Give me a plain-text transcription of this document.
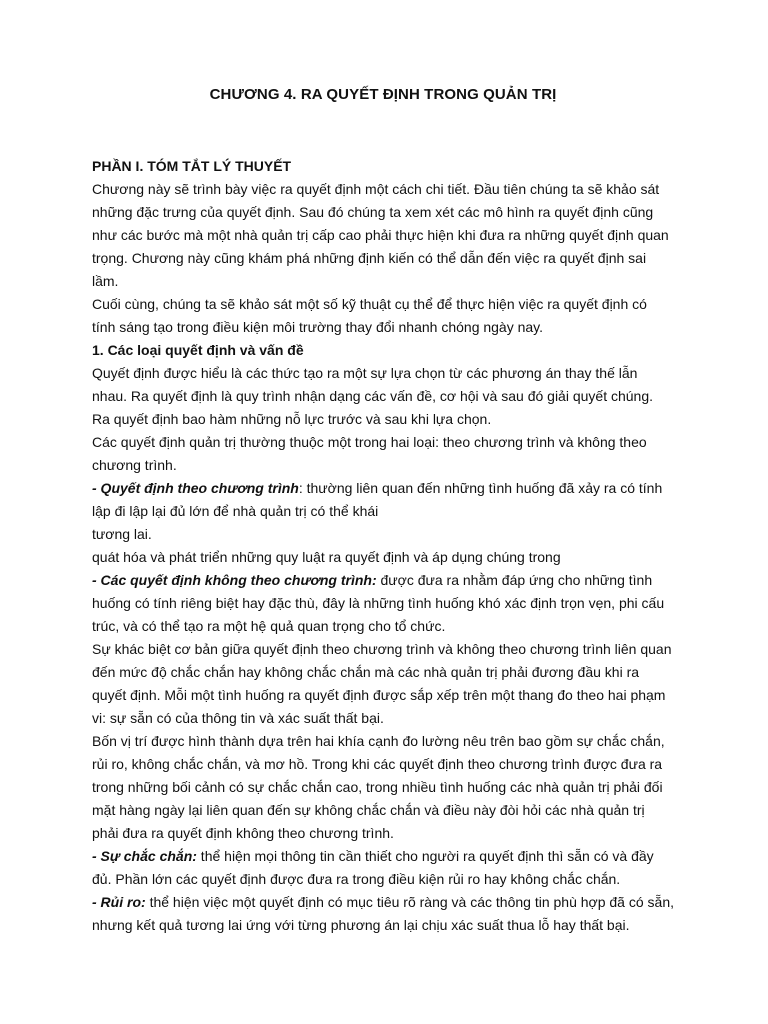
CHƯƠNG 4. RA QUYẾT ĐỊNH TRONG QUẢN TRỊ

PHẦN I. TÓM TẮT LÝ THUYẾT

Chương này sẽ trình bày việc ra quyết định một cách chi tiết. Đầu tiên chúng ta sẽ khảo sát những đặc trưng của quyết định. Sau đó chúng ta xem xét các mô hình ra quyết định cũng như các bước mà một nhà quản trị cấp cao phải thực hiện khi đưa ra những quyết định quan trọng. Chương này cũng khám phá những định kiến có thể dẫn đến việc ra quyết định sai lầm.

Cuối cùng, chúng ta sẽ khảo sát một số kỹ thuật cụ thể để thực hiện việc ra quyết định có tính sáng tạo trong điều kiện môi trường thay đổi nhanh chóng ngày nay.

1. Các loại quyết định và vấn đề

Quyết định được hiểu là các thức tạo ra một sự lựa chọn từ các phương án thay thế lẫn nhau. Ra quyết định là quy trình nhận dạng các vấn đề, cơ hội và sau đó giải quyết chúng. Ra quyết định bao hàm những nỗ lực trước và sau khi lựa chọn.

Các quyết định quản trị thường thuộc một trong hai loại: theo chương trình và không theo chương trình.

- Quyết định theo chương trình: thường liên quan đến những tình huống đã xảy ra có tính lập đi lập lại đủ lớn để nhà quản trị có thể khái

tương lai.

quát hóa và phát triển những quy luật ra quyết định và áp dụng chúng trong

- Các quyết định không theo chương trình: được đưa ra nhằm đáp ứng cho những tình huống có tính riêng biệt hay đặc thù, đây là những tình huống khó xác định trọn vẹn, phi cấu trúc, và có thể tạo ra một hệ quả quan trọng cho tổ chức.

Sự khác biệt cơ bản giữa quyết định theo chương trình và không theo chương trình liên quan đến mức độ chắc chắn hay không chắc chắn mà các nhà quản trị phải đương đầu khi ra quyết định. Mỗi một tình huống ra quyết định được sắp xếp trên một thang đo theo hai phạm vi: sự sẵn có của thông tin và xác suất thất bại.

Bốn vị trí được hình thành dựa trên hai khía cạnh đo lường nêu trên bao gồm sự chắc chắn, rủi ro, không chắc chắn, và mơ hồ. Trong khi các quyết định theo chương trình được đưa ra trong những bối cảnh có sự chắc chắn cao, trong nhiều tình huống các nhà quản trị phải đối mặt hàng ngày lại liên quan đến sự không chắc chắn và điều này đòi hỏi các nhà quản trị phải đưa ra quyết định không theo chương trình.

- Sự chắc chắn: thể hiện mọi thông tin cần thiết cho người ra quyết định thì sẵn có và đầy đủ. Phần lớn các quyết định được đưa ra trong điều kiện rủi ro hay không chắc chắn.

- Rủi ro: thể hiện việc một quyết định có mục tiêu rõ ràng và các thông tin phù hợp đã có sẵn, nhưng kết quả tương lai ứng với từng phương án lại chịu xác suất thua lỗ hay thất bại.
